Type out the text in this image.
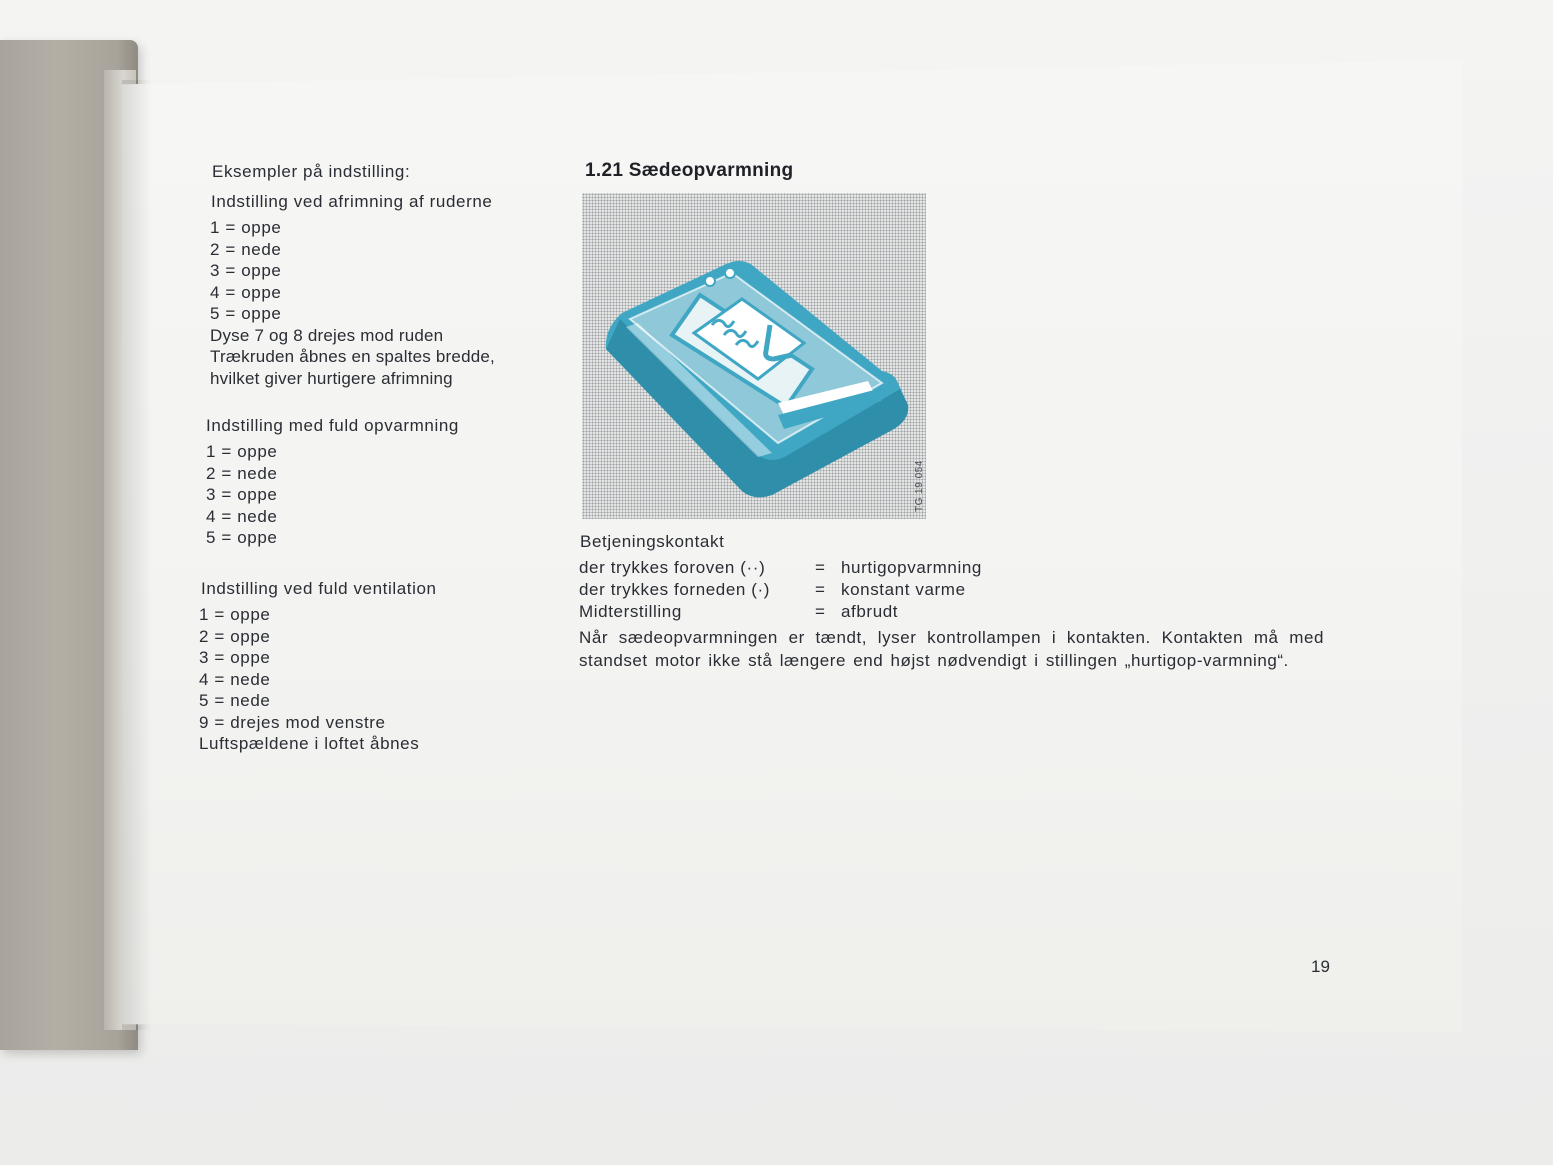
Eksempler på indstilling:
Indstilling ved afrimning af ruderne
1 = oppe
2 = nede
3 = oppe
4 = oppe
5 = oppe
Dyse 7 og 8 drejes mod ruden
Trækruden åbnes en spaltes bredde,
hvilket giver hurtigere afrimning
Indstilling med fuld opvarmning
1 = oppe
2 = nede
3 = oppe
4 = nede
5 = oppe
Indstilling ved fuld ventilation
1 = oppe
2 = oppe
3 = oppe
4 = nede
5 = nede
9 = drejes mod venstre
Luftspældene i loftet åbnes
1.21 Sædeopvarmning
TG 19 054
Betjeningskontakt
der trykkes foroven (··)	= hurtigopvarmning
der trykkes forneden (·)	= konstant varme
Midterstilling	= afbrudt
Når sædeopvarmningen er tændt, lyser kontrollampen i kontakten. Kontakten må med standset motor ikke stå længere end højst nødvendigt i stillingen „hurtigop-varmning“.
19
